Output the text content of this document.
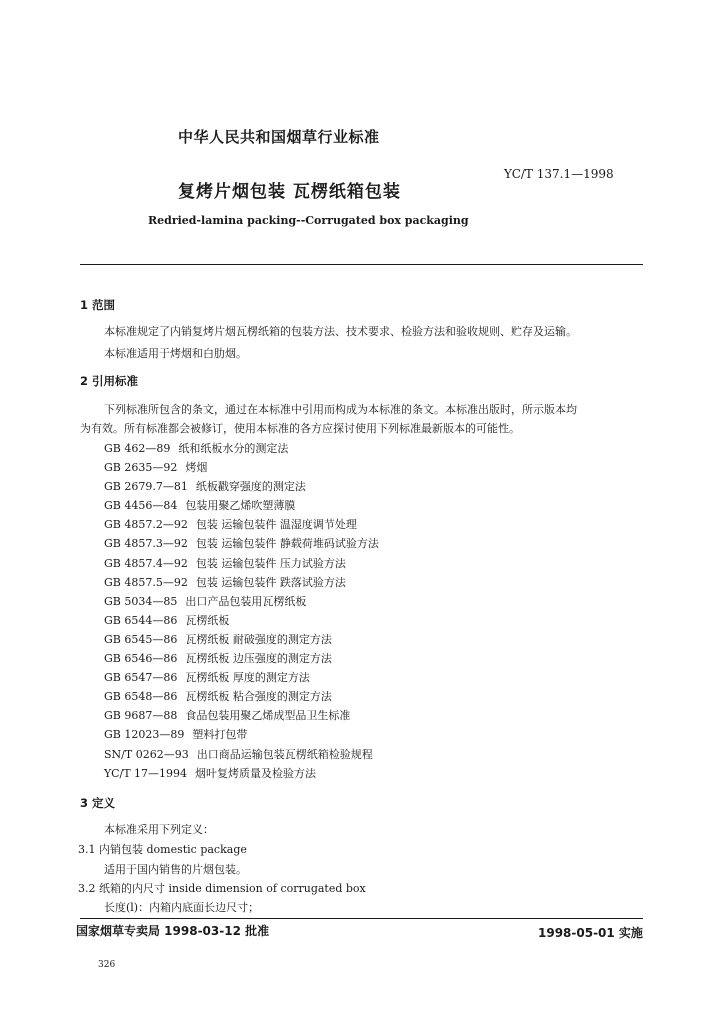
中华人民共和国烟草行业标准
YC/T 137.1—1998
复烤片烟包装 瓦楞纸箱包装
Redried-lamina packing--Corrugated box packaging
1 范围
本标准规定了内销复烤片烟瓦楞纸箱的包装方法、技术要求、检验方法和验收规则、贮存及运输。
本标准适用于烤烟和白肋烟。
2 引用标准
下列标准所包含的条文，通过在本标准中引用而构成为本标准的条文。本标准出版时，所示版本均
为有效。所有标准都会被修订，使用本标准的各方应探讨使用下列标准最新版本的可能性。
GB 462—89 纸和纸板水分的测定法
GB 2635—92 烤烟
GB 2679.7—81 纸板戳穿强度的测定法
GB 4456—84 包装用聚乙烯吹塑薄膜
GB 4857.2—92 包装 运输包装件 温湿度调节处理
GB 4857.3—92 包装 运输包装件 静载荷堆码试验方法
GB 4857.4—92 包装 运输包装件 压力试验方法
GB 4857.5—92 包装 运输包装件 跌落试验方法
GB 5034—85 出口产品包装用瓦楞纸板
GB 6544—86 瓦楞纸板
GB 6545—86 瓦楞纸板 耐破强度的测定方法
GB 6546—86 瓦楞纸板 边压强度的测定方法
GB 6547—86 瓦楞纸板 厚度的测定方法
GB 6548—86 瓦楞纸板 粘合强度的测定方法
GB 9687—88 食品包装用聚乙烯成型品卫生标准
GB 12023—89 塑料打包带
SN/T 0262—93 出口商品运输包装瓦楞纸箱检验规程
YC/T 17—1994 烟叶复烤质量及检验方法
3 定义
本标准采用下列定义：
3.1 内销包装 domestic package
适用于国内销售的片烟包装。
3.2 纸箱的内尺寸 inside dimension of corrugated box
长度(l)：内箱内底面长边尺寸；
国家烟草专卖局 1998-03-12 批准	1998-05-01 实施
326
